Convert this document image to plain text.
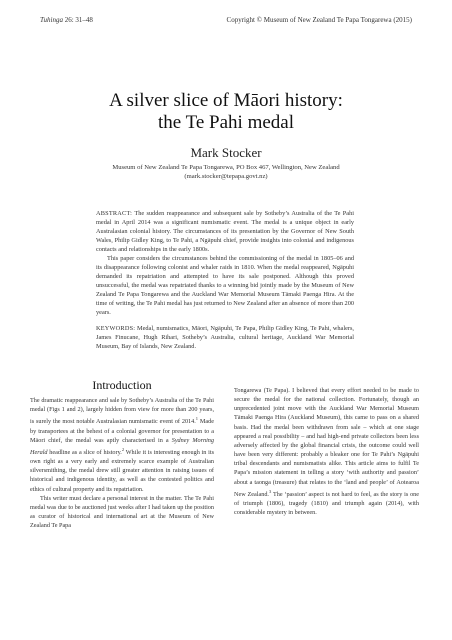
Tuhinga 26: 31–48	Copyright © Museum of New Zealand Te Papa Tongarewa (2015)
A silver slice of Māori history:
the Te Pahi medal
Mark Stocker
Museum of New Zealand Te Papa Tongarewa, PO Box 467, Wellington, New Zealand
(mark.stocker@tepapa.govt.nz)

ABSTRACT: The sudden reappearance and subsequent sale by Sotheby’s Australia of the Te Pahi medal in April 2014 was a significant numismatic event. The medal is a unique object in early Australasian colonial history. The circumstances of its presentation by the Governor of New South Wales, Philip Gidley King, to Te Pahi, a Ngāpuhi chief, provide insights into colonial and indigenous contacts and relationships in the early 1800s.

This paper considers the circumstances behind the commissioning of the medal in 1805–06 and its disappearance following colonist and whaler raids in 1810. When the medal reappeared, Ngāpuhi demanded its repatriation and attempted to have its sale postponed. Although this proved unsuccessful, the medal was repatriated thanks to a winning bid jointly made by the Museum of New Zealand Te Papa Tongarewa and the Auckland War Memorial Museum Tāmaki Paenga Hira. At the time of writing, the Te Pahi medal has just returned to New Zealand after an absence of more than 200 years.

KEYWORDS: Medal, numismatics, Māori, Ngāpuhi, Te Papa, Philip Gidley King, Te Pahi, whalers, James Finucane, Hugh Rihari, Sotheby’s Australia, cultural heritage, Auckland War Memorial Museum, Bay of Islands, New Zealand.

Introduction

The dramatic reappearance and sale by Sotheby’s Australia of the Te Pahi medal (Figs 1 and 2), largely hidden from view for more than 200 years, is surely the most notable Australasian numismatic event of 2014.$^1$ Made by transportees at the behest of a colonial governor for presentation to a Māori chief, the medal was aptly characterised in a Sydney Morning Herald headline as a slice of history.$^2$ While it is interesting enough in its own right as a very early and extremely scarce example of Australian silversmithing, the medal drew still greater attention in raising issues of historical and indigenous identity, as well as the contested politics and ethics of cultural property and its repatriation.

This writer must declare a personal interest in the matter. The Te Pahi medal was due to be auctioned just weeks after I had taken up the position as curator of historical and international art at the Museum of New Zealand Te Papa

Tongarewa (Te Papa). I believed that every effort needed to be made to secure the medal for the national collection. Fortunately, though an unprecedented joint move with the Auckland War Memorial Museum Tāmaki Paenga Hira (Auckland Museum), this came to pass on a shared basis. Had the medal been withdrawn from sale – which at one stage appeared a real possibility – and had high-end private collectors been less adversely affected by the global financial crisis, the outcome could well have been very different: probably a bleaker one for Te Pahi’s Ngāpuhi tribal descendants and numismatists alike. This article aims to fulfil Te Papa’s mission statement in telling a story ‘with authority and passion’ about a taonga (treasure) that relates to the ‘land and people’ of Aotearoa New Zealand.$^3$ The ‘passion’ aspect is not hard to feel, as the story is one of triumph (1806), tragedy (1810) and triumph again (2014), with considerable mystery in between.
